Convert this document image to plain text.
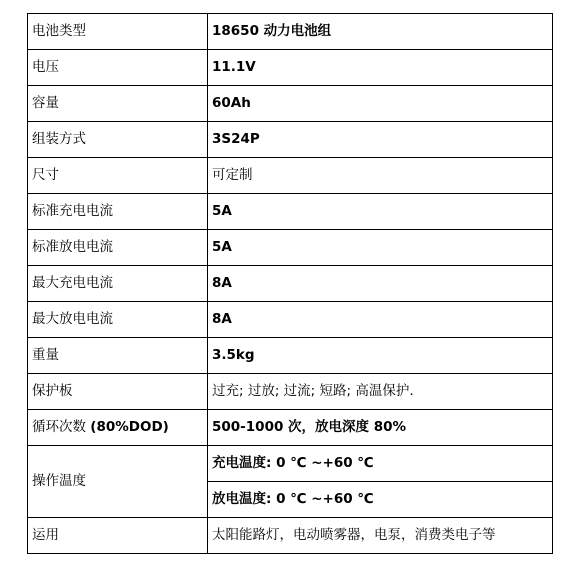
电池类型	18650 动力电池组
电压	11.1V
容量	60Ah
组装方式	3S24P
尺寸	可定制
标准充电电流	5A
标准放电电流	5A
最大充电电流	8A
最大放电电流	8A
重量	3.5kg
保护板	过充; 过放; 过流; 短路; 高温保护.
循环次数 (80%DOD)	500-1000 次，放电深度 80%
操作温度	充电温度: 0 ℃ ~+60 ℃
	放电温度: 0 ℃ ~+60 ℃
运用	太阳能路灯，电动喷雾器，电泵，消费类电子等
